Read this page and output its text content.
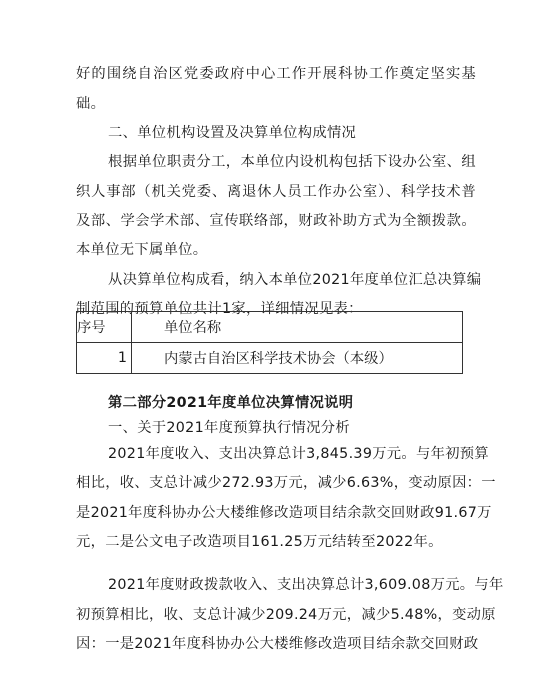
好的围绕自治区党委政府中心工作开展科协工作奠定坚实基
础。
二、单位机构设置及决算单位构成情况
根据单位职责分工，本单位内设机构包括下设办公室、组
织人事部（机关党委、离退休人员工作办公室）、科学技术普
及部、学会学术部、宣传联络部，财政补助方式为全额拨款。
本单位无下属单位。
从决算单位构成看，纳入本单位2021年度单位汇总决算编
制范围的预算单位共计1家，详细情况见表：
序号	单位名称
1	内蒙古自治区科学技术协会（本级）
第二部分2021年度单位决算情况说明
一、关于2021年度预算执行情况分析
2021年度收入、支出决算总计3,845.39万元。与年初预算
相比，收、支总计减少272.93万元，减少6.63%，变动原因：一
是2021年度科协办公大楼维修改造项目结余款交回财政91.67万
元，二是公文电子改造项目161.25万元结转至2022年。
2021年度财政拨款收入、支出决算总计3,609.08万元。与年
初预算相比，收、支总计减少209.24万元，减少5.48%，变动原
因：一是2021年度科协办公大楼维修改造项目结余款交回财政
